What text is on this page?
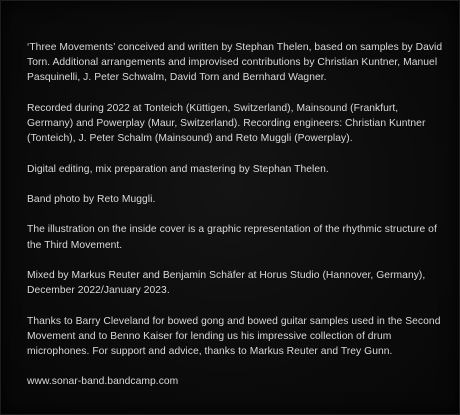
‘Three Movements’ conceived and written by Stephan Thelen, based on samples by David Torn. Additional arrangements and improvised contributions by Christian Kuntner, Manuel Pasquinelli, J. Peter Schwalm, David Torn and Bernhard Wagner.

Recorded during 2022 at Tonteich (Küttigen, Switzerland), Mainsound (Frankfurt, Germany) and Powerplay (Maur, Switzerland). Recording engineers: Christian Kuntner (Tonteich), J. Peter Schalm (Mainsound) and Reto Muggli (Powerplay).

Digital editing, mix preparation and mastering by Stephan Thelen.

Band photo by Reto Muggli.

The illustration on the inside cover is a graphic representation of the rhythmic structure of the Third Movement.

Mixed by Markus Reuter and Benjamin Schäfer at Horus Studio (Hannover, Germany), December 2022/January 2023.

Thanks to Barry Cleveland for bowed gong and bowed guitar samples used in the Second Movement and to Benno Kaiser for lending us his impressive collection of drum microphones. For support and advice, thanks to Markus Reuter and Trey Gunn.

www.sonar-band.bandcamp.com
